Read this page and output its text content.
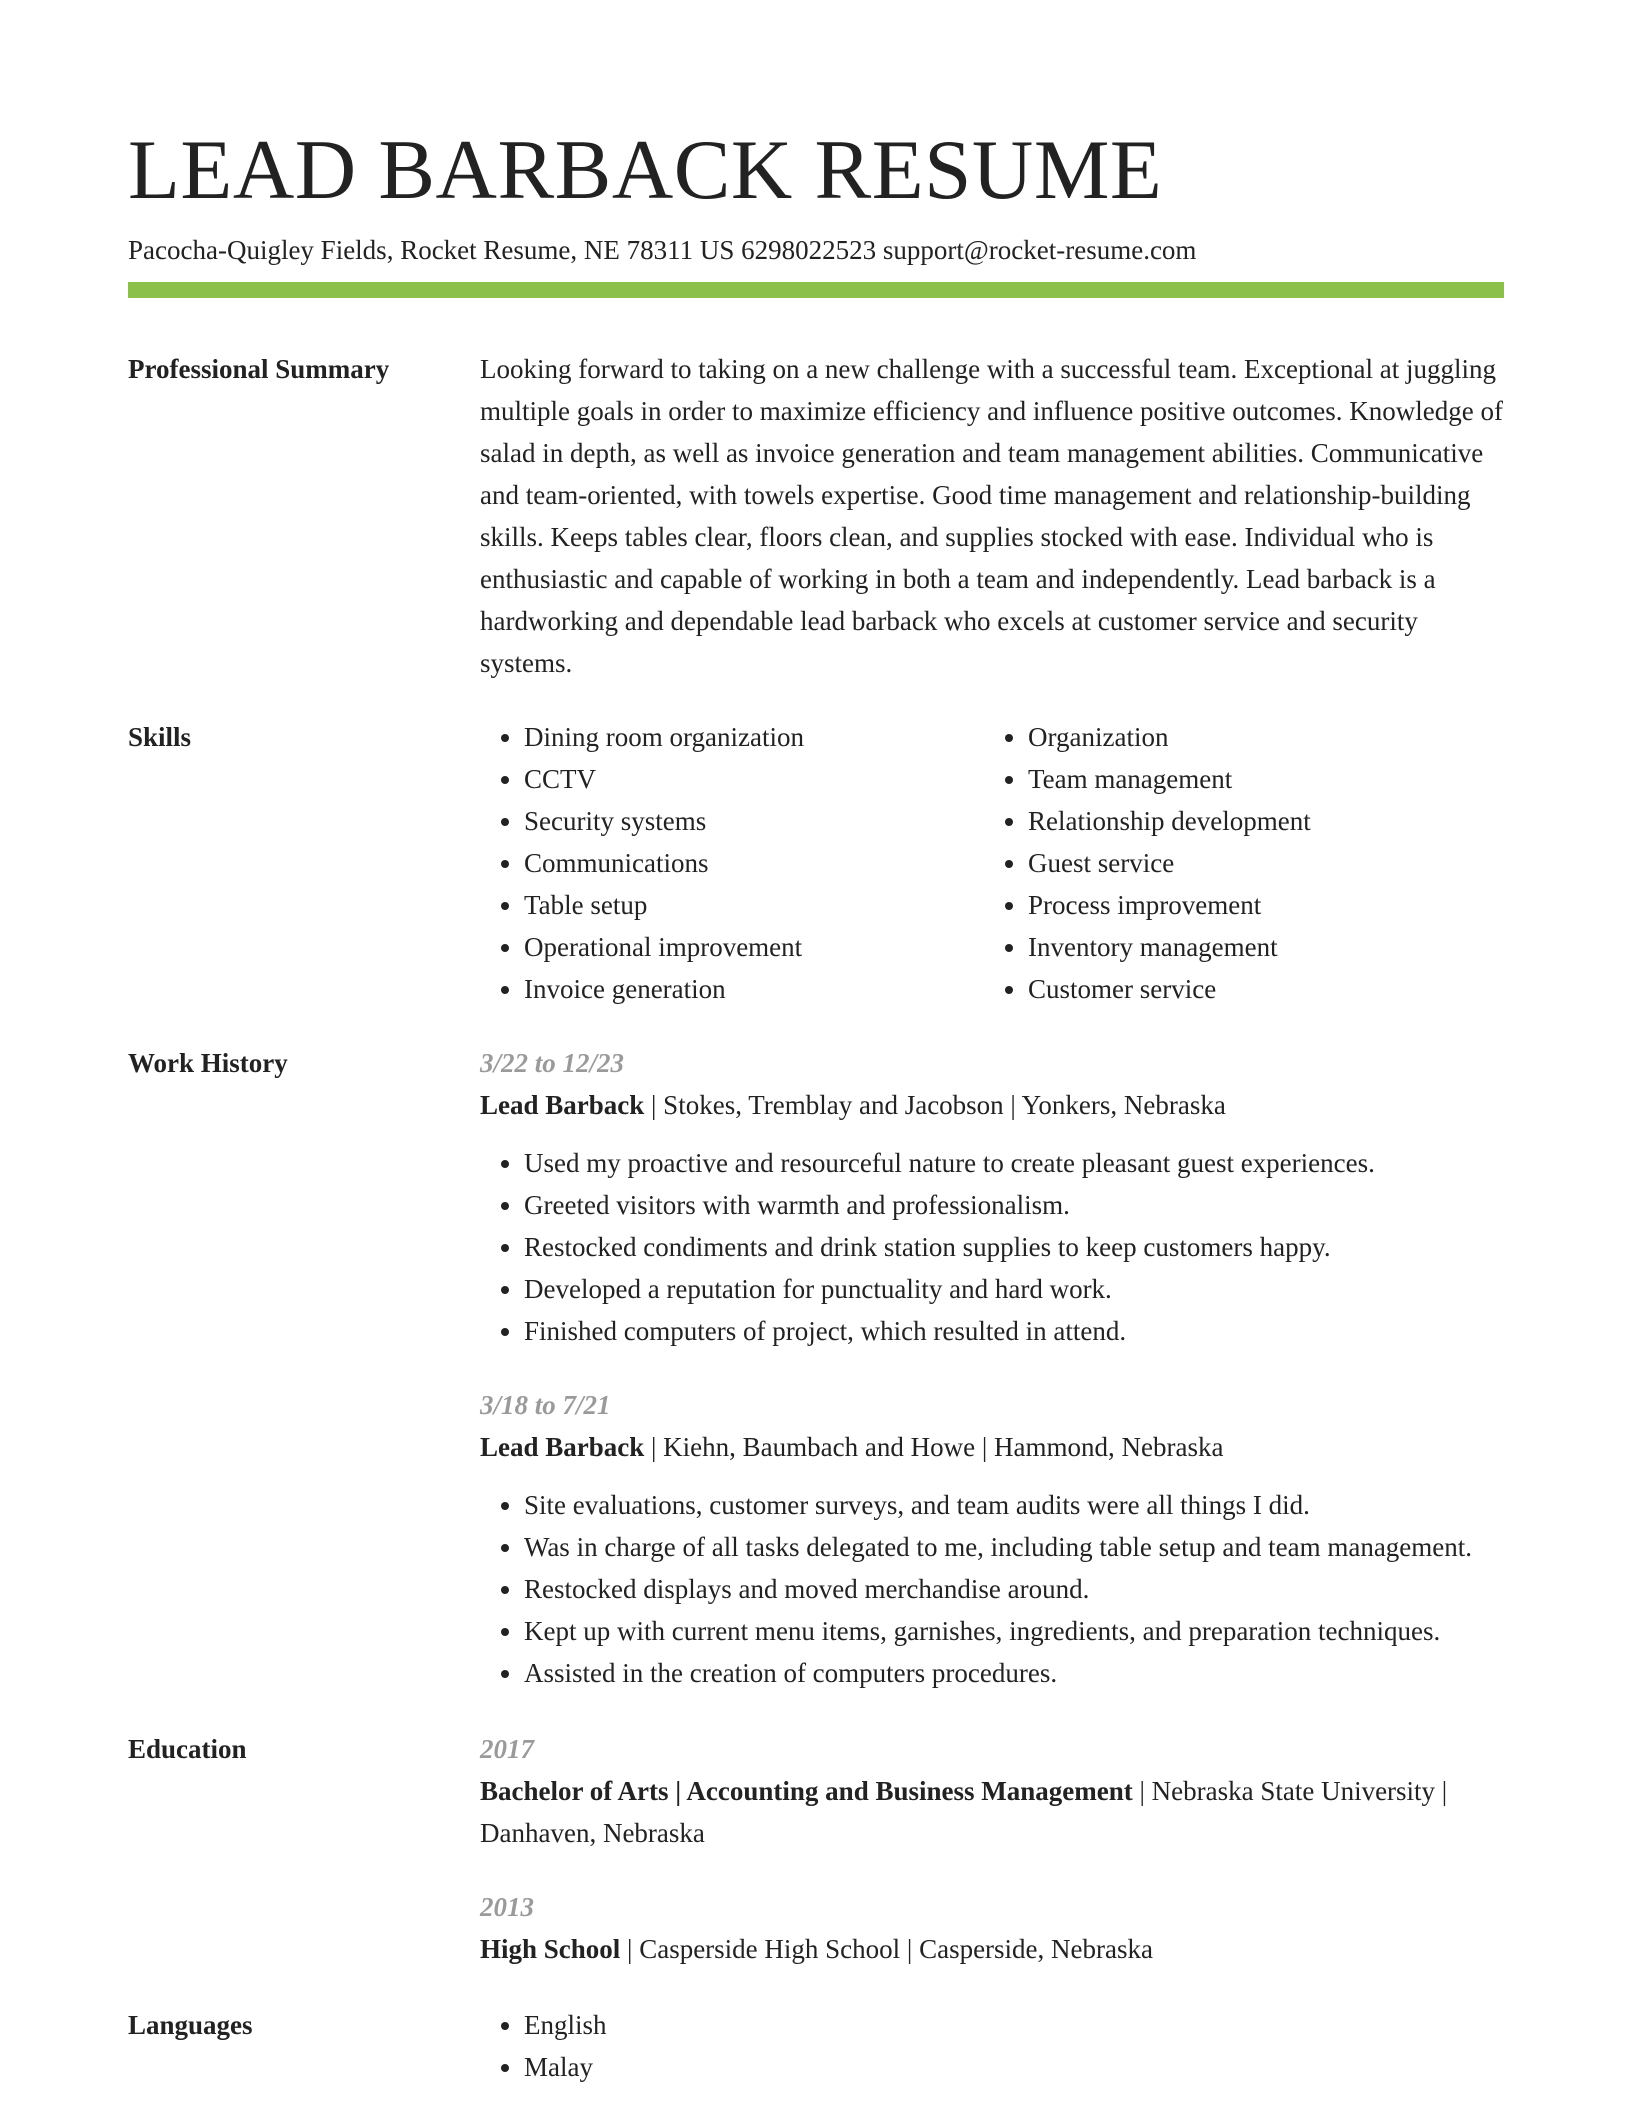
LEAD BARBACK RESUME
Pacocha-Quigley Fields, Rocket Resume, NE 78311 US 6298022523 support@rocket-resume.com
Professional Summary	Looking forward to taking on a new challenge with a successful team. Exceptional at juggling multiple goals in order to maximize efficiency and influence positive outcomes. Knowledge of salad in depth, as well as invoice generation and team management abilities. Communicative and team-oriented, with towels expertise. Good time management and relationship-building skills. Keeps tables clear, floors clean, and supplies stocked with ease. Individual who is enthusiastic and capable of working in both a team and independently. Lead barback is a hardworking and dependable lead barback who excels at customer service and security systems.

Skills	• Dining room organization
• CCTV
• Security systems
• Communications
• Table setup
• Operational improvement
• Invoice generation
• Organization
• Team management
• Relationship development
• Guest service
• Process improvement
• Inventory management
• Customer service
Work History	3/22 to 12/23
Lead Barback | Stokes, Tremblay and Jacobson | Yonkers, Nebraska
• Used my proactive and resourceful nature to create pleasant guest experiences.
• Greeted visitors with warmth and professionalism.
• Restocked condiments and drink station supplies to keep customers happy.
• Developed a reputation for punctuality and hard work.
• Finished computers of project, which resulted in attend.
3/18 to 7/21
Lead Barback | Kiehn, Baumbach and Howe | Hammond, Nebraska
• Site evaluations, customer surveys, and team audits were all things I did.
• Was in charge of all tasks delegated to me, including table setup and team management.
• Restocked displays and moved merchandise around.
• Kept up with current menu items, garnishes, ingredients, and preparation techniques.
• Assisted in the creation of computers procedures.
Education	2017
Bachelor of Arts | Accounting and Business Management | Nebraska State University | Danhaven, Nebraska
2013
High School | Casperside High School | Casperside, Nebraska
Languages	• English
• Malay
